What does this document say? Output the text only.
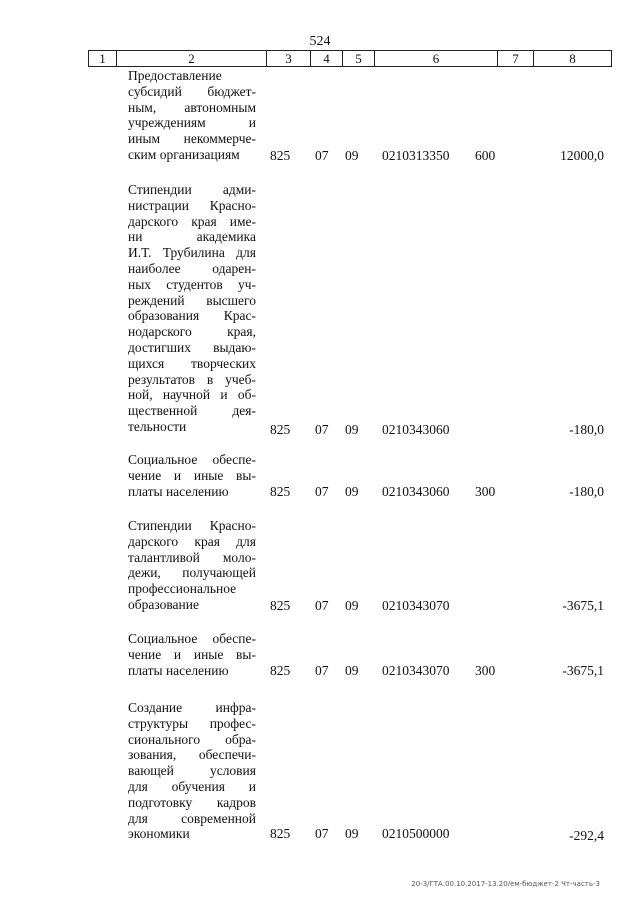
524
1	2	3	4	5	6	7	8
Предоставление
субсидий бюджет-
ным, автономным
учреждениям и
иным некоммерче-
ским организациям	825 07 09 0210313350 600	12000,0
Стипендии адми-
нистрации Красно-
дарского края име-
ни академика
И.Т. Трубилина для
наиболее одарен-
ных студентов уч-
реждений высшего
образования Крас-
нодарского края,
достигших выдаю-
щихся творческих
результатов в учеб-
ной, научной и об-
щественной дея-
тельности	825 07 09 0210343060	-180,0
Социальное обеспе-
чение и иные вы-
платы населению	825 07 09 0210343060 300	-180,0
Стипендии Красно-
дарского края для
талантливой моло-
дежи, получающей
профессиональное
образование	825 07 09 0210343070	-3675,1
Социальное обеспе-
чение и иные вы-
платы населению	825 07 09 0210343070 300	-3675,1
Создание инфра-
структуры профес-
сионального обра-
зования, обеспечи-
вающей условия
для обучения и
подготовку кадров
для современной
экономики	825 07 09 0210500000	-292,4
20-3/ГТА.00.10.2017-13.20/ем-бюджет-2 Чт-часть-3
